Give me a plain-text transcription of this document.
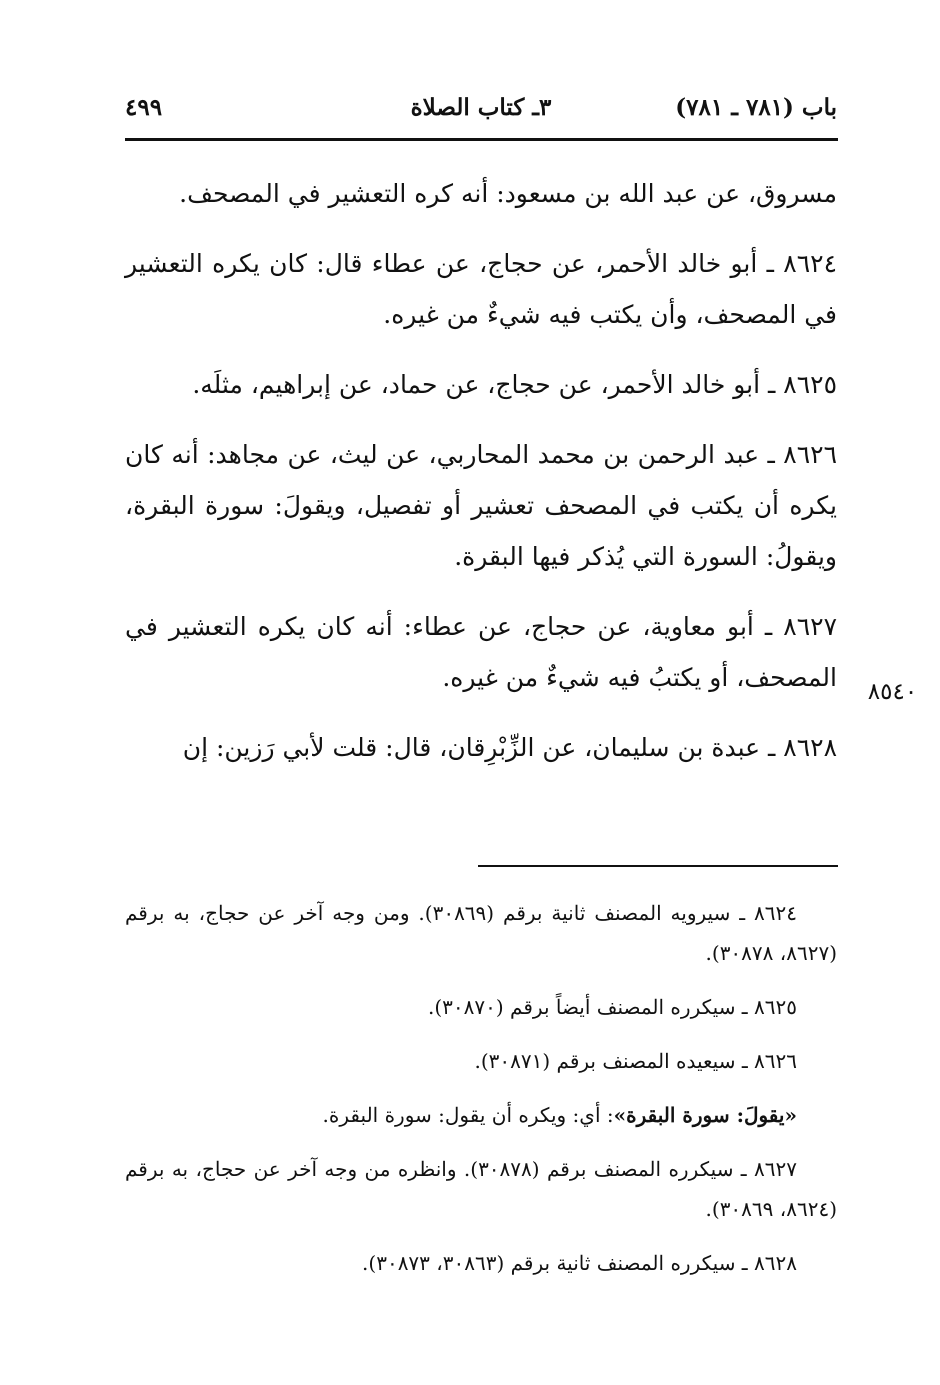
باب (٧٨١ ـ ٧٨١)
٣ـ كتاب الصلاة
٤٩٩

مسروق، عن عبد الله بن مسعود: أنه كره التعشير في المصحف.

٨٦٢٤ ـ أبو خالد الأحمر، عن حجاج، عن عطاء قال: كان يكره التعشير في المصحف، وأن يكتب فيه شيءٌ من غيره.

٨٦٢٥ ـ أبو خالد الأحمر، عن حجاج، عن حماد، عن إبراهيم، مثلَه.

٨٦٢٦ ـ عبد الرحمن بن محمد المحاربي، عن ليث، عن مجاهد: أنه كان يكره أن يكتب في المصحف تعشير أو تفصيل، ويقولَ: سورة البقرة، ويقولُ: السورة التي يُذكر فيها البقرة.

٨٦٢٧ ـ أبو معاوية، عن حجاج، عن عطاء: أنه كان يكره التعشير في المصحف، أو يكتبُ فيه شيءٌ من غيره.

٨٦٢٨ ـ عبدة بن سليمان، عن الزِّبْرِقان، قال: قلت لأبي رَزين: إن

٨٥٤٠

٨٦٢٤ ـ سيرويه المصنف ثانية برقم (٣٠٨٦٩). ومن وجه آخر عن حجاج، به برقم (٨٦٢٧، ٣٠٨٧٨).

٨٦٢٥ ـ سيكرره المصنف أيضاً برقم (٣٠٨٧٠).

٨٦٢٦ ـ سيعيده المصنف برقم (٣٠٨٧١).

«يقولَ: سورة البقرة»: أي: ويكره أن يقول: سورة البقرة.

٨٦٢٧ ـ سيكرره المصنف برقم (٣٠٨٧٨). وانظره من وجه آخر عن حجاج، به برقم (٨٦٢٤، ٣٠٨٦٩).

٨٦٢٨ ـ سيكرره المصنف ثانية برقم (٣٠٨٦٣، ٣٠٨٧٣).
